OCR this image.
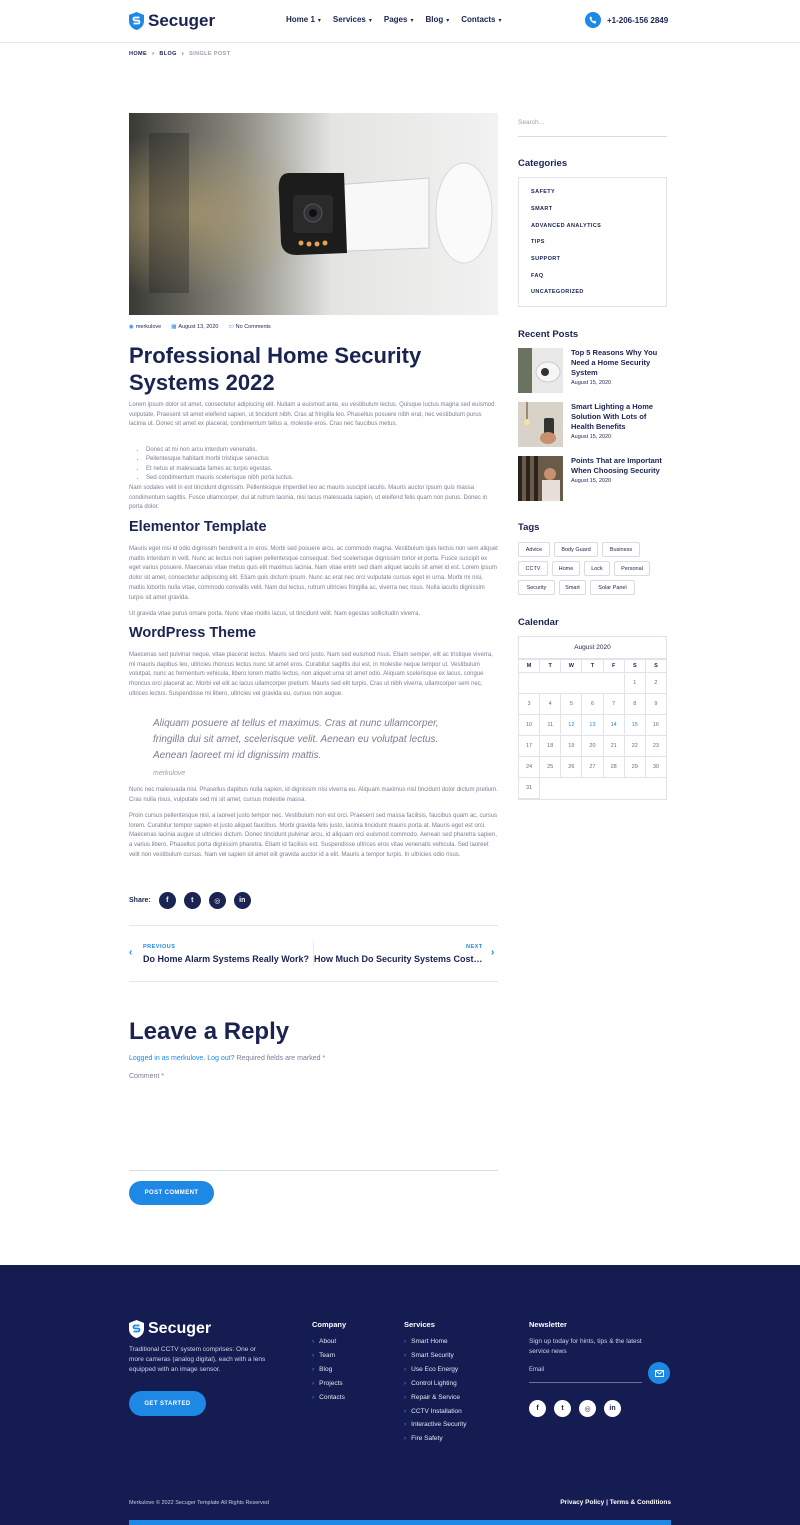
Secuger	Home 1 ▾ Services ▾ Pages ▾ Blog ▾ Contacts ▾	+1-206-156 2849
HOME › BLOG › SINGLE POST
◉ merkulove ▦ August 13, 2020 ▭ No Comments
Professional Home Security Systems 2022

Lorem ipsum dolor sit amet, consectetur adipiscing elit. Nullam a euismod ante, eu vestibulum lectus. Quisque luctus magna sed euismod vulputate. Praesent sit amet eleifend sapien, ut tincidunt nibh. Cras at fringilla leo. Phasellus posuere nibh erat, nec vestibulum purus lacinia ut. Donec sit amet ex placerat, condimentum tellus a, molestie eros. Cras nec faucibus metus.

• Donec at mi non arcu interdum venenatis.
• Pellentesque habitant morbi tristique senectus
• Et netus et malesuada fames ac turpis egestas.
• Sed condimentum mauris scelerisque nibh porta luctus.

Nam sodales velit in est tincidunt dignissim. Pellentesque imperdiet leo ac mauris suscipit iaculis. Mauris auctor ipsum quis massa condimentum sagittis. Fusce ullamcorper, dui at rutrum lacinia, nisi lacus malesuada sapien, ut eleifend felis quam non purus. Donec in porta dolor.

Elementor Template

Mauris eget nisi id odio dignissim hendrerit a in eros. Morbi sed posuere arcu, ac commodo magna. Vestibulum quis lectus non sem aliquet mattis interdum in velit. Nunc ac lectus non sapien pellentesque consequat. Sed scelerisque dignissim tortor et porta. Fusce suscipit ex eget varius posuere. Maecenas vitae metus quis elit maximus lacinia. Nam vitae enim sed diam aliquet iaculis sit amet id est. Lorem ipsum dolor sit amet, consectetur adipiscing elit. Etiam quis dictum ipsum. Nunc ac erat nec orci vulputate cursus eget in urna. Morbi mi nisi, mattis lobortis nulla vitae, commodo convallis velit. Nam dui lectus, rutrum ultricies fringilla ac, viverra nec risus. Nulla iaculis dignissim turpis sit amet gravida.

Ut gravida vitae purus ornare porta. Nunc vitae mollis lacus, ut tincidunt velit. Nam egestas sollicitudin viverra.

WordPress Theme

Maecenas sed pulvinar neque, vitae placerat lectus. Mauris sed orci justo. Nam sed euismod risus. Etiam semper, elit ac tristique viverra, mi mauris dapibus leo, ultricies rhoncus lectus nunc sit amet eros. Curabitur sagittis dui est, in molestie neque tempor ut. Vestibulum volutpat, nunc ac fermentum vehicula, libero lorem mattis lectus, non aliquet urna sit amet odio. Aliquam scelerisque ex lacus, congue rhoncus orci placerat ac. Morbi vel elit ac lacus ullamcorper pretium. Mauris sed elit turpis. Cras ut nibh viverra, ullamcorper sem nec, ultrices lectus. Suspendisse mi libero, ultricies vel gravida eu, cursus non augue.

Aliquam posuere at tellus et maximus. Cras at nunc ullamcorper, fringilla dui sit amet, scelerisque velit. Aenean eu volutpat lectus. Aenean laoreet mi id dignissim mattis.
merkulove

Nunc nec malesuada nisi. Phasellus dapibus nulla sapien, id dignissim nisi viverra eu. Aliquam maximus nisl tincidunt dolor dictum pretium. Cras nulla risus, vulputate sed mi sit amet, cursus molestie massa.

Proin cursus pellentesque nisl, a laoreet justo tempor nec. Vestibulum non est orci. Praesent sed massa facilisis, faucibus quam ac, cursus lorem. Curabitur tempor sapien et justo aliquet faucibus. Morbi gravida felis justo, lacinia tincidunt mauris porta at. Mauris eget est orci. Maecenas lacinia augue ut ultricies dictum. Donec tincidunt pulvinar arcu, id aliquam orci euismod commodo. Aenean sed pharetra sapien, a varius libero. Phasellus porta dignissim pharetra. Etiam id facilisis est. Suspendisse ultrices eros vitae venenatis vehicula. Sed laoreet velit non vestibulum cursus. Nam vel sapien sit amet elit gravida auctor id a elit. Mauris a tempor turpis. In ultricies odio risus.

Share:	f	t	◎	in
‹ PREVIOUS
Do Home Alarm Systems Really Work?
NEXT
How Much Do Security Systems Cost…
›
Leave a Reply
Logged in as merkulove. Log out? Required fields are marked *
Comment *
POST COMMENT
Search...
Categories
SAFETY
SMART
ADVANCED ANALYTICS
TIPS
SUPPORT
FAQ
UNCATEGORIZED
Recent Posts
Top 5 Reasons Why You Need a Home Security System
August 15, 2020
Smart Lighting a Home Solution With Lots of Health Benefits
August 15, 2020
Points That are Important When Choosing Security
August 15, 2020
Tags
Advice	Body Guard	Business
CCTV	Home	Lock	Personal
Security	Smart	Solar Panel
Calendar
August 2020
M	T	W	T	F	S	S
					1	2
3	4	5	6	7	8	9
10	11	12	13	14	15	16
17	18	19	20	21	22	23
24	25	26	27	28	29	30
31						
Secuger
Traditional CCTV system comprises: One or more cameras (analog digital), each with a lens equipped with an image sensor.
GET STARTED
Company
› About
› Team
› Blog
› Projects
› Contacts
Services
› Smart Home
› Smart Security
› Use Eco Energy
› Control Lighting
› Repair & Service
› CCTV Installation
› Interactive Security
› Fire Safety
Newsletter
Sign up today for hints, tips & the latest service news
Email
f	t	◎	in
Merkulove © 2022 Secuger Template All Rights Reserved	Privacy Policy | Terms & Conditions
